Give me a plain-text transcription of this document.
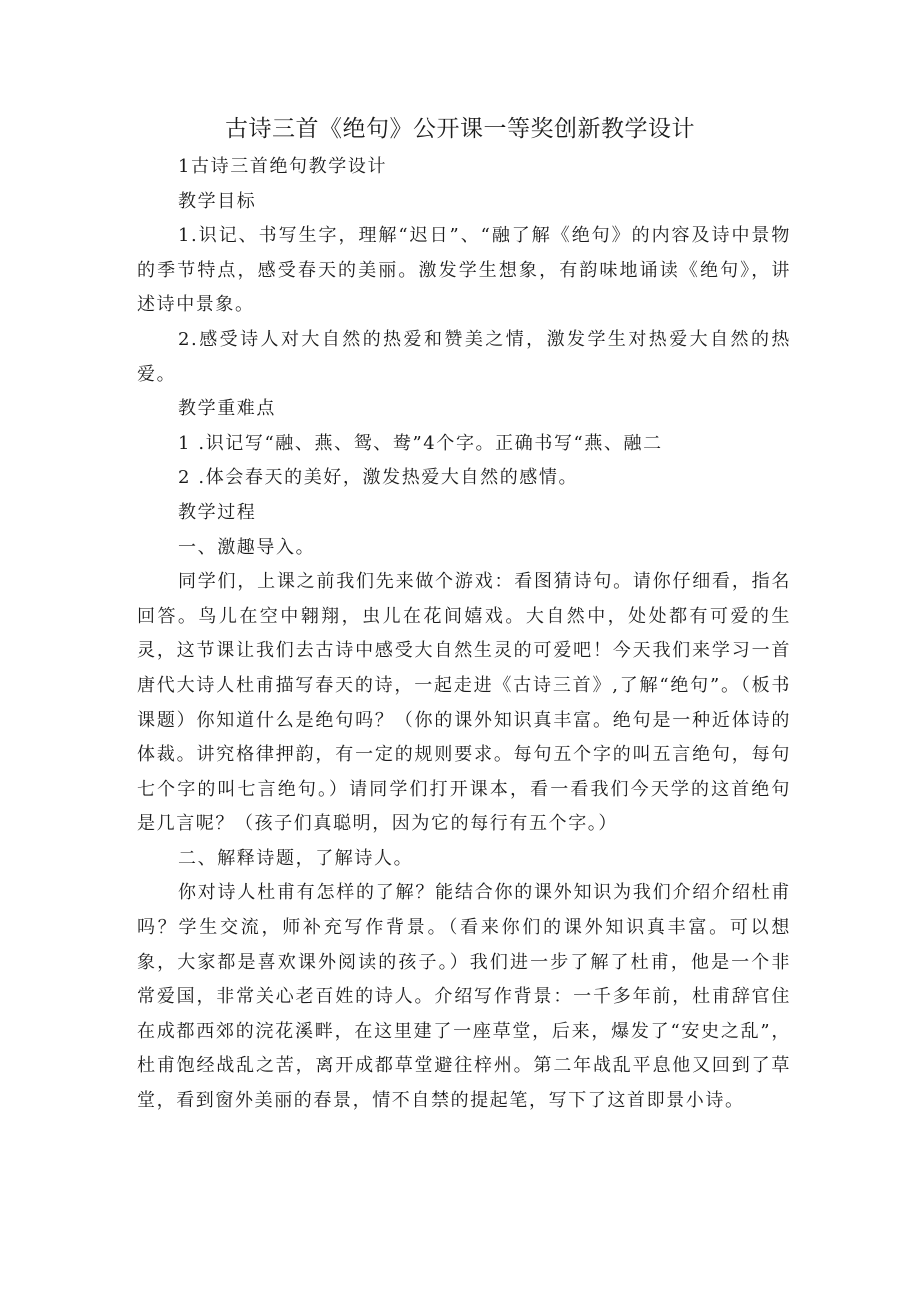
古诗三首《绝句》公开课一等奖创新教学设计

1古诗三首绝句教学设计

教学目标

1.识记、书写生字，理解“迟日”、“融了解《绝句》的内容及诗中景物的季节特点，感受春天的美丽。激发学生想象，有韵味地诵读《绝句》，讲述诗中景象。

2.感受诗人对大自然的热爱和赞美之情，激发学生对热爱大自然的热爱。

教学重难点

1 .识记写“融、燕、鸳、鸯”4个字。正确书写“燕、融二

2 .体会春天的美好，激发热爱大自然的感情。

教学过程

一、激趣导入。

同学们，上课之前我们先来做个游戏：看图猜诗句。请你仔细看，指名回答。鸟儿在空中翱翔，虫儿在花间嬉戏。大自然中，处处都有可爱的生灵，这节课让我们去古诗中感受大自然生灵的可爱吧！今天我们来学习一首唐代大诗人杜甫描写春天的诗，一起走进《古诗三首》,了解“绝句”。（板书课题）你知道什么是绝句吗？（你的课外知识真丰富。绝句是一种近体诗的体裁。讲究格律押韵，有一定的规则要求。每句五个字的叫五言绝句，每句七个字的叫七言绝句。）请同学们打开课本，看一看我们今天学的这首绝句是几言呢？（孩子们真聪明，因为它的每行有五个字。）

二、解释诗题，了解诗人。

你对诗人杜甫有怎样的了解？能结合你的课外知识为我们介绍介绍杜甫吗？学生交流，师补充写作背景。（看来你们的课外知识真丰富。可以想象，大家都是喜欢课外阅读的孩子。）我们进一步了解了杜甫，他是一个非常爱国，非常关心老百姓的诗人。介绍写作背景：一千多年前，杜甫辞官住在成都西郊的浣花溪畔，在这里建了一座草堂，后来，爆发了“安史之乱”，杜甫饱经战乱之苦，离开成都草堂避往梓州。第二年战乱平息他又回到了草堂，看到窗外美丽的春景，情不自禁的提起笔，写下了这首即景小诗。
